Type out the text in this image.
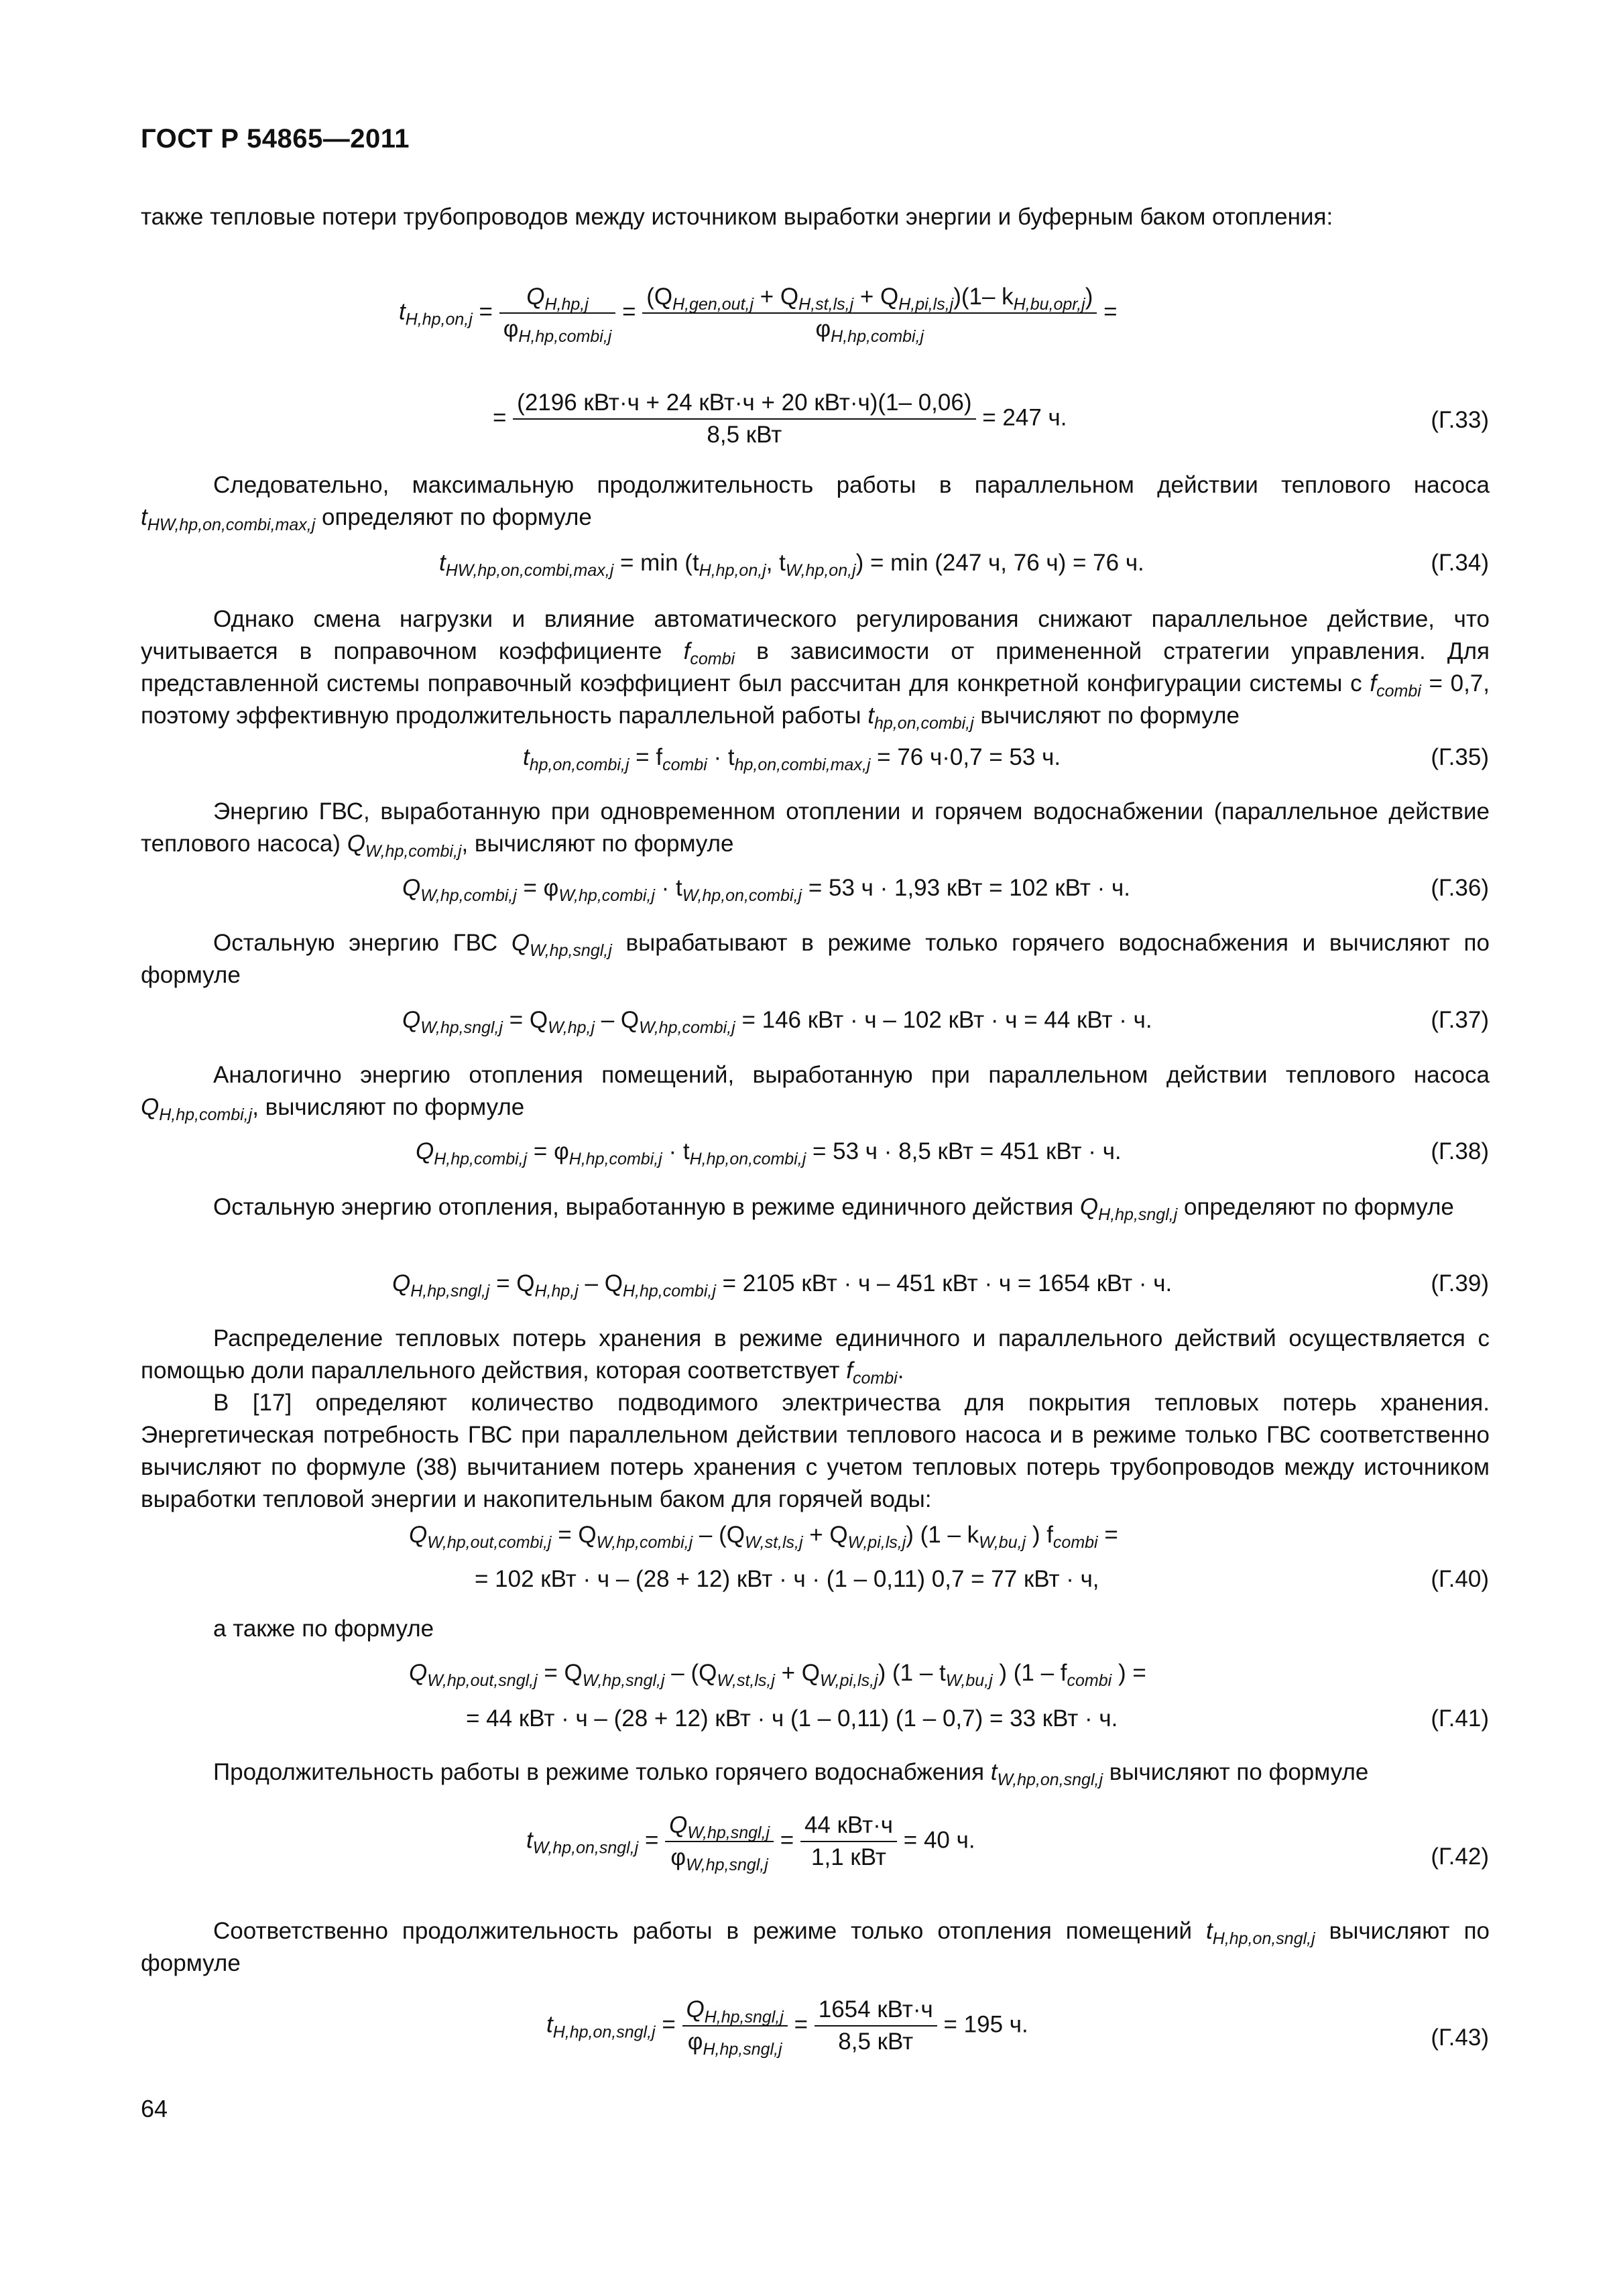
ГОСТ Р 54865—2011
также тепловые потери трубопроводов между источником выработки энергии и буферным баком отопления:
$t_{H,hp,on,j} = \frac{Q_{H,hp,j}}{\varphi_{H,hp,combi,j}} = \frac{(Q_{H,gen,out,j} + Q_{H,st,ls,j} + Q_{H,pi,ls,j})(1- k_{H,bu,opr,j})}{\varphi_{H,hp,combi,j}}$ =
= $\frac{\text{(2196 кВт·ч + 24 кВт·ч + 20 кВт·ч)(1– 0,06)}}{\text{8,5 кВт}} = 247$ ч.	(Г.33)
Следовательно, максимальную продолжительность работы в параллельном действии теплового насоса $t_{HW,hp,on,combi,max,j}$ определяют по формуле
$t_{HW,hp,on,combi,max,j} = \min (t_{H,hp,on,j}$, $t_{W,hp,on,j}) = \min (247$ ч, 76 ч) = 76 ч.	(Г.34)
Однако смена нагрузки и влияние автоматического регулирования снижают параллельное действие, что учитывается в поправочном коэффициенте $f_{combi}$ в зависимости от примененной стратегии управления. Для представленной системы поправочный коэффициент был рассчитан для конкретной конфигурации системы с $f_{combi} = 0,7$, поэтому эффективную продолжительность параллельной работы $t_{hp,on,combi,j}$ вычисляют по формуле
$t_{hp,on,combi,j} = f_{combi} \cdot t_{hp,on,combi,max,j} = 76$ ч·0,7 = 53 ч.	(Г.35)
Энергию ГВС, выработанную при одновременном отоплении и горячем водоснабжении (параллельное действие теплового насоса) $Q_{W,hp,combi,j}$, вычисляют по формуле
$Q_{W,hp,combi,j} = \varphi_{W,hp,combi,j} \cdot t_{W,hp,on,combi,j} = 53$ ч · 1,93 кВт = 102 кВт · ч.	(Г.36)
Остальную энергию ГВС $Q_{W,hp,sngl,j}$ вырабатывают в режиме только горячего водоснабжения и вычисляют по формуле
$Q_{W,hp,sngl,j} = Q_{W,hp,j} - Q_{W,hp,combi,j} = 146$ кВт · ч – 102 кВт · ч = 44 кВт · ч.	(Г.37)
Аналогично энергию отопления помещений, выработанную при параллельном действии теплового насоса $Q_{H,hp,combi,j}$, вычисляют по формуле
$Q_{H,hp,combi,j} = \varphi_{H,hp,combi,j} \cdot t_{H,hp,on,combi,j} = 53$ ч · 8,5 кВт = 451 кВт · ч.	(Г.38)
Остальную энергию отопления, выработанную в режиме единичного действия $Q_{H,hp,sngl,j}$ определяют по формуле
$Q_{H,hp,sngl,j} = Q_{H,hp,j} - Q_{H,hp,combi,j} = 2105$ кВт · ч – 451 кВт · ч = 1654 кВт · ч.	(Г.39)
Распределение тепловых потерь хранения в режиме единичного и параллельного действий осуществляется с помощью доли параллельного действия, которая соответствует $f_{combi}$.
В [17] определяют количество подводимого электричества для покрытия тепловых потерь хранения. Энергетическая потребность ГВС при параллельном действии теплового насоса и в режиме только ГВС соответственно вычисляют по формуле (38) вычитанием потерь хранения с учетом тепловых потерь трубопроводов между источником выработки тепловой энергии и накопительным баком для горячей воды:
$Q_{W,hp,out,combi,j} = Q_{W,hp,combi,j} - (Q_{W,st,ls,j} + Q_{W,pi,ls,j})$ ($1 - k_{W,bu,j}$ ) $f_{combi}$ =
= 102 кВт · ч – (28 + 12) кВт · ч · (1 – 0,11) 0,7 = 77 кВт · ч,	(Г.40)
а также по формуле
$Q_{W,hp,out,sngl,j} = Q_{W,hp,sngl,j} - (Q_{W,st,ls,j} + Q_{W,pi,ls,j})$ ($1 - t_{W,bu,j}$ ) ($1 - f_{combi}$ ) =
= 44 кВт · ч – (28 + 12) кВт · ч (1 – 0,11) (1 – 0,7) = 33 кВт · ч.	(Г.41)
Продолжительность работы в режиме только горячего водоснабжения $t_{W,hp,on,sngl,j}$ вычисляют по формуле
$t_{W,hp,on,sngl,j} = \frac{Q_{W,hp,sngl,j}}{\varphi_{W,hp,sngl,j}} = \frac{\text{44 кВт·ч}}{\text{1,1 кВт}} = 40$ ч.
(Г.42)
Соответственно продолжительность работы в режиме только отопления помещений $t_{H,hp,on,sngl,j}$ вычисляют по формуле
$t_{H,hp,on,sngl,j} = \frac{Q_{H,hp,sngl,j}}{\varphi_{H,hp,sngl,j}} = \frac{\text{1654 кВт·ч}}{\text{8,5 кВт}} = 195$ ч.
(Г.43)
64
